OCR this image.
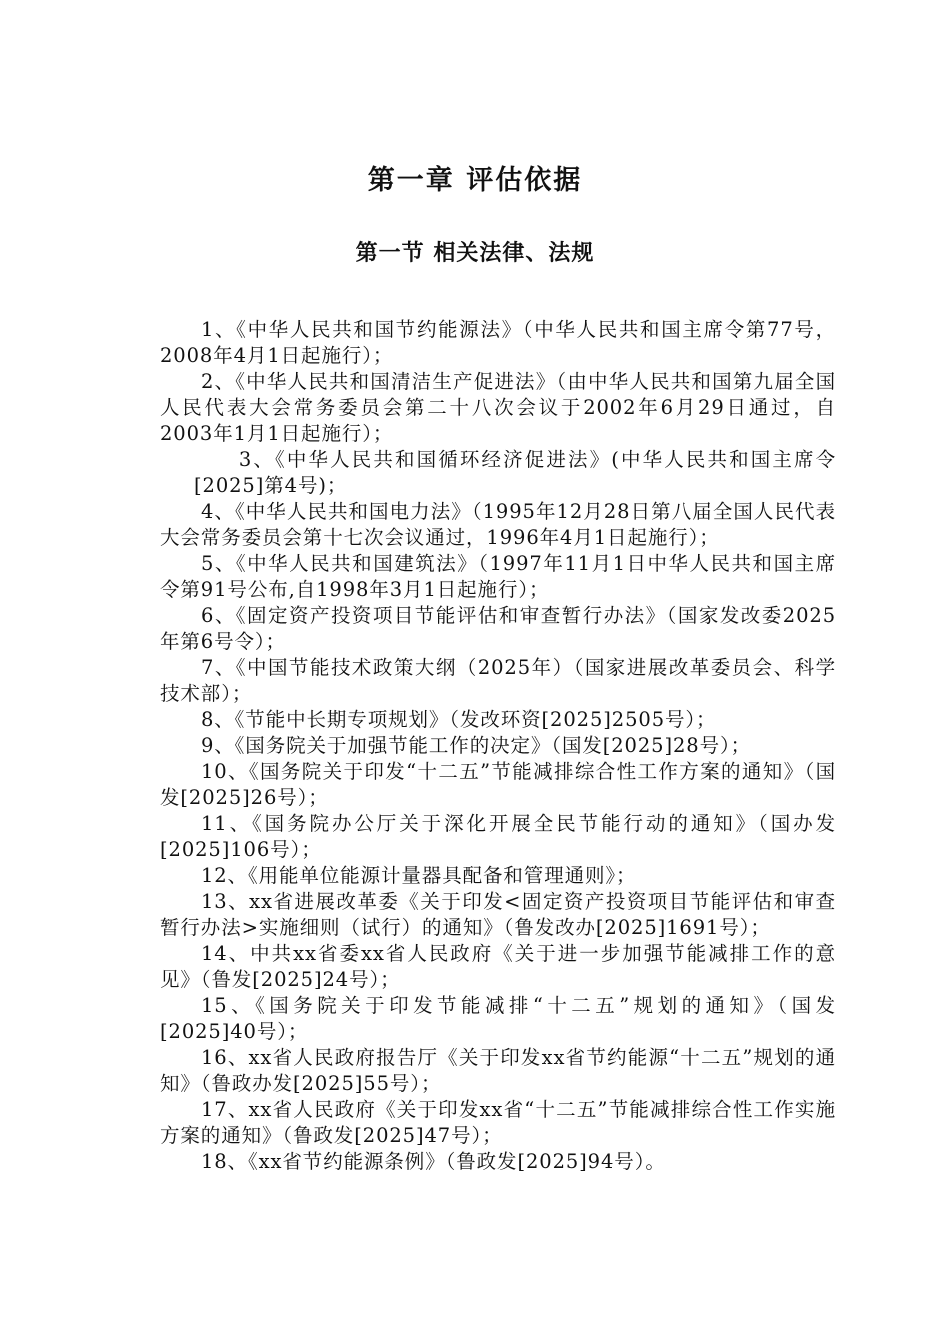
第一章 评估依据
第一节 相关法律、法规
1、《中华人民共和国节约能源法》（中华人民共和国主席令第77号，2008年4月1日起施行）；
2、《中华人民共和国清洁生产促进法》（由中华人民共和国第九届全国人民代表大会常务委员会第二十八次会议于2002年6月29日通过，自2003年1月1日起施行）；
3、《中华人民共和国循环经济促进法》(中华人民共和国主席令[2025]第4号)；
4、《中华人民共和国电力法》（1995年12月28日第八届全国人民代表大会常务委员会第十七次会议通过，1996年4月1日起施行）；
5、《中华人民共和国建筑法》（1997年11月1日中华人民共和国主席令第91号公布,自1998年3月1日起施行）；
6、《固定资产投资项目节能评估和审查暂行办法》（国家发改委2025年第6号令）；
7、《中国节能技术政策大纲（2025年）（国家进展改革委员会、科学技术部）；
8、《节能中长期专项规划》（发改环资[2025]2505号）；
9、《国务院关于加强节能工作的决定》（国发[2025]28号）；
10、《国务院关于印发“十二五”节能减排综合性工作方案的通知》（国发[2025]26号）；
11、《国务院办公厅关于深化开展全民节能行动的通知》（国办发[2025]106号）；
12、《用能单位能源计量器具配备和管理通则》；
13、xx省进展改革委《关于印发<固定资产投资项目节能评估和审查暂行办法>实施细则（试行）的通知》（鲁发改办[2025]1691号）；
14、中共xx省委xx省人民政府《关于进一步加强节能减排工作的意见》（鲁发[2025]24号）；
15、《国务院关于印发节能减排“十二五”规划的通知》（国发[2025]40号）；
16、xx省人民政府报告厅《关于印发xx省节约能源“十二五”规划的通知》（鲁政办发[2025]55号）；
17、xx省人民政府《关于印发xx省“十二五”节能减排综合性工作实施方案的通知》（鲁政发[2025]47号）；
18、《xx省节约能源条例》（鲁政发[2025]94号）。
